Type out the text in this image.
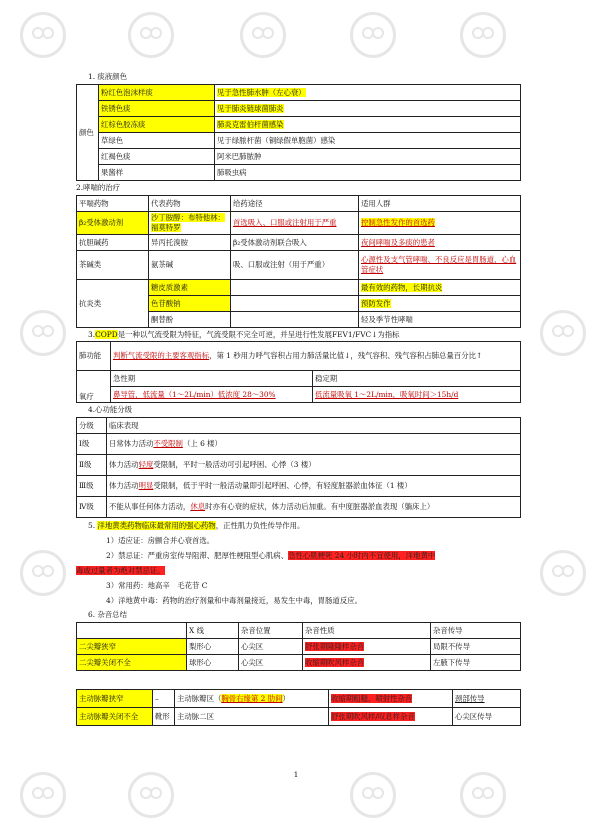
1. 痰液颜色
颜色	粉红色泡沫样痰	见于急性肺水肿（左心衰）
	铁锈色痰	见于肺炎链球菌肺炎
	红棕色胶冻痰	肺炎克雷伯杆菌感染
	草绿色	见于绿脓杆菌（铜绿假单胞菌）感染
	红褐色痰	阿米巴肺脓肿
	果酱样	肺吸虫病
2.哮喘的治疗
平喘药物	代表药物	给药途径	适用人群
β₂受体激动剂	沙丁胺醇：布特他林：福莫特罗	首选吸入、口服或注射用于严重	控制急性发作的首选药
抗胆碱药	异丙托溴胺	β₂受体激动剂联合吸入	夜间哮喘及多痰的患者
茶碱类	氨茶碱	吸、口服或注射（用于严重）	心源性及支气管哮喘、不良反应是胃肠道、心血管症状
抗炎类	糖皮质激素		最有效的药物，长期抗炎
	色苷酸钠		预防发作
	酮替酚		轻及季节性哮喘
3. COPD 是一种以气流受限为特征，气流受限不完全可逆，并呈进行性发展FEV1/FVC↓为指标
肺功能	判断气流受限的主要客观指标，第 1 秒用力呼气容积占用力肺活量比值↓，残气容积、残气容积占肺总量百分比↑	
氧疗	急性期	稳定期
	鼻导管，低流量（1～2L/min）低浓度 28～30%	低流量吸氧 1～2L/min，吸氧时间＞15h/d
4.心功能分级
分级	临床表现
Ⅰ级	日常体力活动不受限制（上 6 楼）
Ⅱ级	体力活动轻度受限制，平时一般活动可引起呼困、心悸（3 楼）
Ⅲ级	体力活动明显受限制，低于平时一般活动量即引起呼困、心悸，有轻度脏器淤血体征（1 楼）
Ⅳ级	不能从事任何体力活动，休息时亦有心衰的症状，体力活动后加重。有中度脏器淤血表现（躺床上）
5.
洋地黄类药物 临床最常用的强心药物 ，正性肌力负性传导作用。
1）适应证：房颤合并心衰首选。
2）禁忌证：严重房室传导阻滞、肥厚性梗阻型心肌病、 急性心肌梗死 24 小时内不宜使用，洋地黄中
毒或过量者为绝对禁忌证。
3）常用药：地高辛　毛花苷 C
4）洋地黄中毒：药物的治疗剂量和中毒剂量接近，易发生中毒，胃肠道反应。
6. 杂音总结
	X 线	杂音位置	杂音性质	杂音传导
二尖瓣狭窄	梨形心	心尖区	舒张期隆隆样杂音	局限不传导
二尖瓣关闭不全	球形心	心尖区	收缩期吹风样杂音	左腋下传导
主动脉瓣狭窄	–	主动脉瓣区（胸骨右缘第 2 肋间）	收缩期粗糙、喷射性杂音	颈部传导
主动脉瓣关闭不全	靴形	主动脉二区	舒张期吹风样/叹息样杂音	心尖区传导
1
